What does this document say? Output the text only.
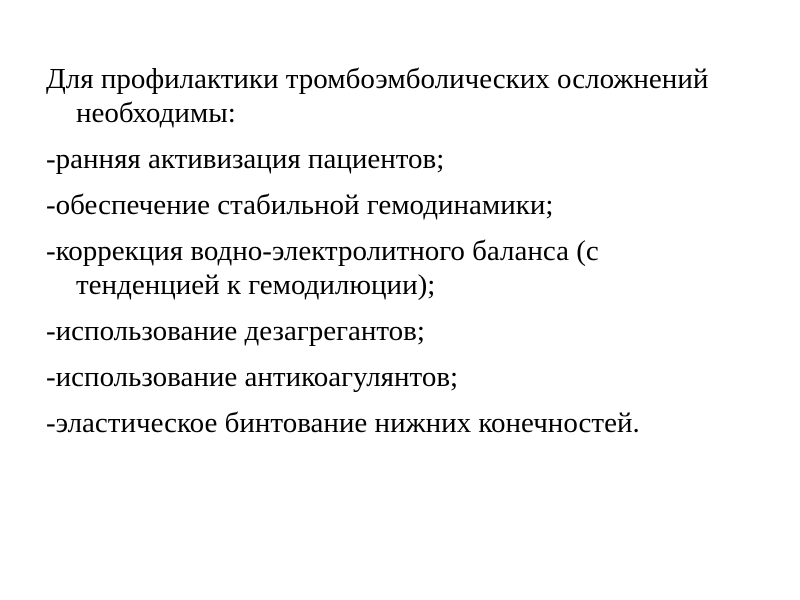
Для профилактики тромбоэмболических осложнений необходимы:
-ранняя активизация пациентов;
-обеспечение стабильной гемодинамики;
-коррекция водно-электролитного баланса (с тенденцией к гемодилюции);
-использование дезагрегантов;
-использование антикоагулянтов;
-эластическое бинтование нижних конечностей.
